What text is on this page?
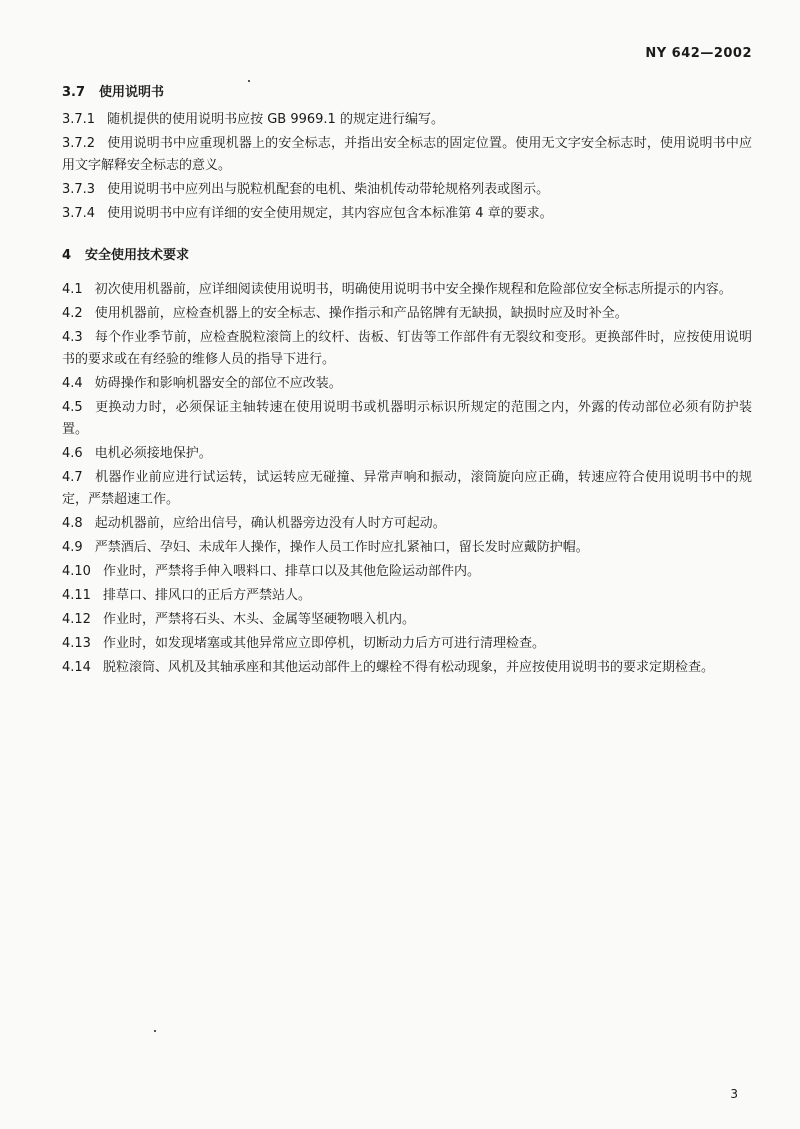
NY 642—2002
3.7 使用说明书

3.7.1 随机提供的使用说明书应按 GB 9969.1 的规定进行编写。

3.7.2 使用说明书中应重现机器上的安全标志，并指出安全标志的固定位置。使用无文字安全标志时，使用说明书中应用文字解释安全标志的意义。

3.7.3 使用说明书中应列出与脱粒机配套的电机、柴油机传动带轮规格列表或图示。

3.7.4 使用说明书中应有详细的安全使用规定，其内容应包含本标准第 4 章的要求。

4 安全使用技术要求

4.1 初次使用机器前，应详细阅读使用说明书，明确使用说明书中安全操作规程和危险部位安全标志所提示的内容。

4.2 使用机器前，应检查机器上的安全标志、操作指示和产品铭牌有无缺损，缺损时应及时补全。

4.3 每个作业季节前，应检查脱粒滚筒上的纹杆、齿板、钉齿等工作部件有无裂纹和变形。更换部件时，应按使用说明书的要求或在有经验的维修人员的指导下进行。

4.4 妨碍操作和影响机器安全的部位不应改装。

4.5 更换动力时，必须保证主轴转速在使用说明书或机器明示标识所规定的范围之内，外露的传动部位必须有防护装置。

4.6 电机必须接地保护。

4.7 机器作业前应进行试运转，试运转应无碰撞、异常声响和振动，滚筒旋向应正确，转速应符合使用说明书中的规定，严禁超速工作。

4.8 起动机器前，应给出信号，确认机器旁边没有人时方可起动。

4.9 严禁酒后、孕妇、未成年人操作，操作人员工作时应扎紧袖口，留长发时应戴防护帽。

4.10 作业时，严禁将手伸入喂料口、排草口以及其他危险运动部件内。

4.11 排草口、排风口的正后方严禁站人。

4.12 作业时，严禁将石头、木头、金属等坚硬物喂入机内。

4.13 作业时，如发现堵塞或其他异常应立即停机，切断动力后方可进行清理检查。

4.14 脱粒滚筒、风机及其轴承座和其他运动部件上的螺栓不得有松动现象，并应按使用说明书的要求定期检查。

3
